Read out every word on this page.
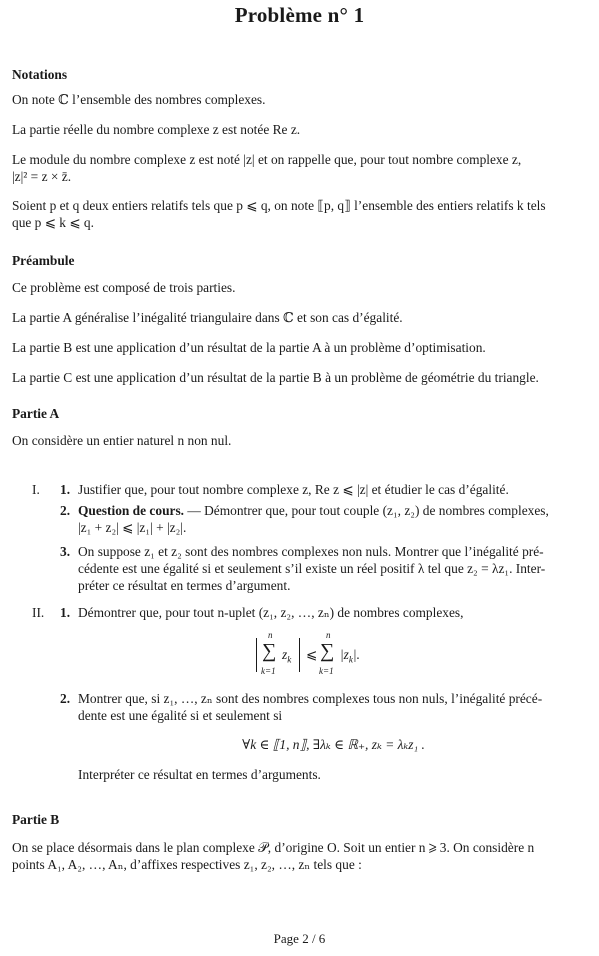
Problème n° 1
Notations
On note ℂ l’ensemble des nombres complexes.
La partie réelle du nombre complexe z est notée Re z.
Le module du nombre complexe z est noté |z| et on rappelle que, pour tout nombre complexe z,
|z|² = z × z̄.
Soient p et q deux entiers relatifs tels que p ⩽ q, on note ⟦p, q⟧ l’ensemble des entiers relatifs k tels
que p ⩽ k ⩽ q.
Préambule
Ce problème est composé de trois parties.
La partie A généralise l’inégalité triangulaire dans ℂ et son cas d’égalité.
La partie B est une application d’un résultat de la partie A à un problème d’optimisation.
La partie C est une application d’un résultat de la partie B à un problème de géométrie du triangle.
Partie A
On considère un entier naturel n non nul.
I. 1. Justifier que, pour tout nombre complexe z, Re z ⩽ |z| et étudier le cas d’égalité.
2. Question de cours. — Démontrer que, pour tout couple (z₁, z₂) de nombres complexes,
|z₁ + z₂| ⩽ |z₁| + |z₂|.
3. On suppose z₁ et z₂ sont des nombres complexes non nuls. Montrer que l’inégalité pré-
cédente est une égalité si et seulement s’il existe un réel positif λ tel que z₂ = λz₁. Inter-
préter ce résultat en termes d’argument.
II. 1. Démontrer que, pour tout n-uplet (z₁, z₂, …, zₙ) de nombres complexes,
n
∑
k=1
$z_k$ ⩽
n
∑
k=1
$|z_k|$.
2. Montrer que, si z₁, …, zₙ sont des nombres complexes tous non nuls, l’inégalité précé-
dente est une égalité si et seulement si
∀k ∈ ⟦1, n⟧, ∃λₖ ∈ ℝ₊, zₖ = λₖz₁ .
Interpréter ce résultat en termes d’arguments.
Partie B
On se place désormais dans le plan complexe 𝒫, d’origine O. Soit un entier n ⩾ 3. On considère n
points A₁, A₂, …, Aₙ, d’affixes respectives z₁, z₂, …, zₙ tels que :
Page 2 / 6
